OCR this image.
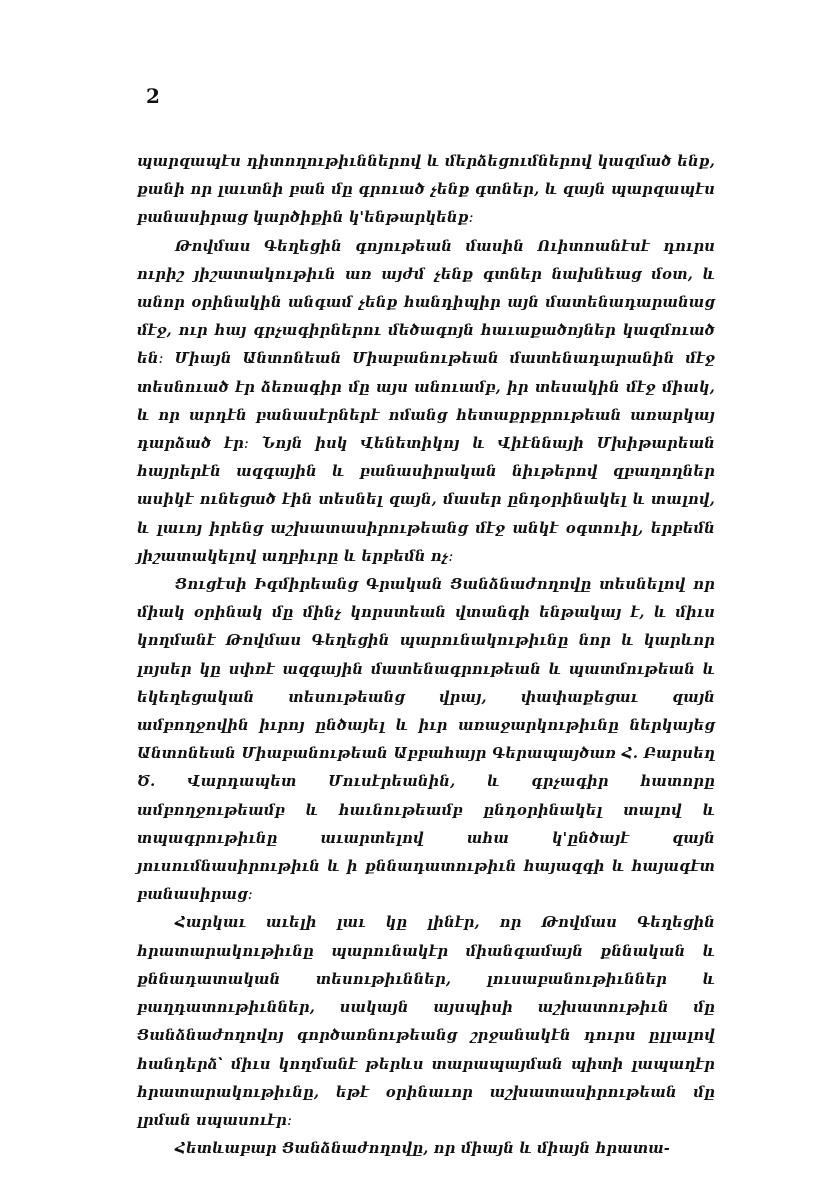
2

պարզապէս դիտողութիւններով և մերձեցումներով կազմած ենք, քանի որ լաւտնի բան մը գրուած չենք գտներ, և զայն պարզապէս բանասիրաց կարծիքին կ'ենթարկենք։

Թովմաս Գեղեցին գոյութեան մասին Ուիտոանէսէ դուրս ուրիշ յիշատակութիւն առ այժմ չենք գտներ նախնեաց մօտ, և անոր օրինակին անգամ չենք հանդիպիր այն մատենադարանաց մէջ, ուր հայ գրչագիրներու մեծագոյն հաւաքածոյներ կազմուած են։ Միայն Անտոնեան Միաբանութեան մատենադարանին մէջ տեսնուած էր ձեռագիր մը այս անուամբ, իր տեսակին մէջ միակ, և որ արդէն բանասէրներէ ոմանց հետաքրքրութեան առարկայ դարձած էր։ Նոյն իսկ Վենետիկոյ և Վիէննայի Մխիթարեան հայրերէն ազգային և բանասիրական նիւթերով զբաղողներ ասիկէ ունեցած էին տեսնել զայն, մասեր ընդօրինակել և տալով, և լաւոյ իրենց աշխատասիրութեանց մէջ անկէ օգտուիլ, երբեմն յիշատակելով աղբիւրը և երբեմն ոչ։

Ցուցէսի Իգմիրեանց Գրական Ցանձնաժողովը տեսնելով որ միակ օրինակ մը մինչ կորստեան վտանգի ենթակայ է, և միւս կողմանէ Թովմաս Գեղեցին պարունակութիւնը նոր և կարևոր լոյսեր կը սփռէ ազգային մատենագրութեան և պատմութեան և եկեղեցական տեսութեանց վրայ, փափաքեցաւ զայն ամբողջովին իւրոյ ընծայել և իւր առաջարկութիւնը ներկայեց Անտոնեան Միաբանութեան Աբբահայր Գերապայծառ Հ. Բարսեղ Ծ. Վարդապետ Մուսէրեանին, և գրչագիր հատորը ամբողջութեամբ և հաւնութեամբ ընդօրինակել տալով և տպագրութիւնը աւարտելով ահա կ'ընծայէ զայն յուսումնասիրութիւն և ի քննադատութիւն հայազգի և հայագէտ բանասիրաց։

Հարկաւ աւելի լաւ կը լինէր, որ Թովմաս Գեղեցին հրատարակութիւնը պարունակէր միանգամայն քննական և քննադատական տեսութիւններ, լուսաբանութիւններ և բաղդատութիւններ, սակայն այսպիսի աշխատութիւն մը Ցանձնաժողովոյ գործառնութեանց շրջանակէն դուրս ըլլալով հանդերձ՝ միւս կողմանէ թերևս տարապայման պիտի լապաղէր հրատարակութիւնը, եթէ օրինաւոր աշխատասիրութեան մը լրման սպասուէր։

Հետևաբար Ցանձնաժողովը, որ միայն և միայն հրատա-
